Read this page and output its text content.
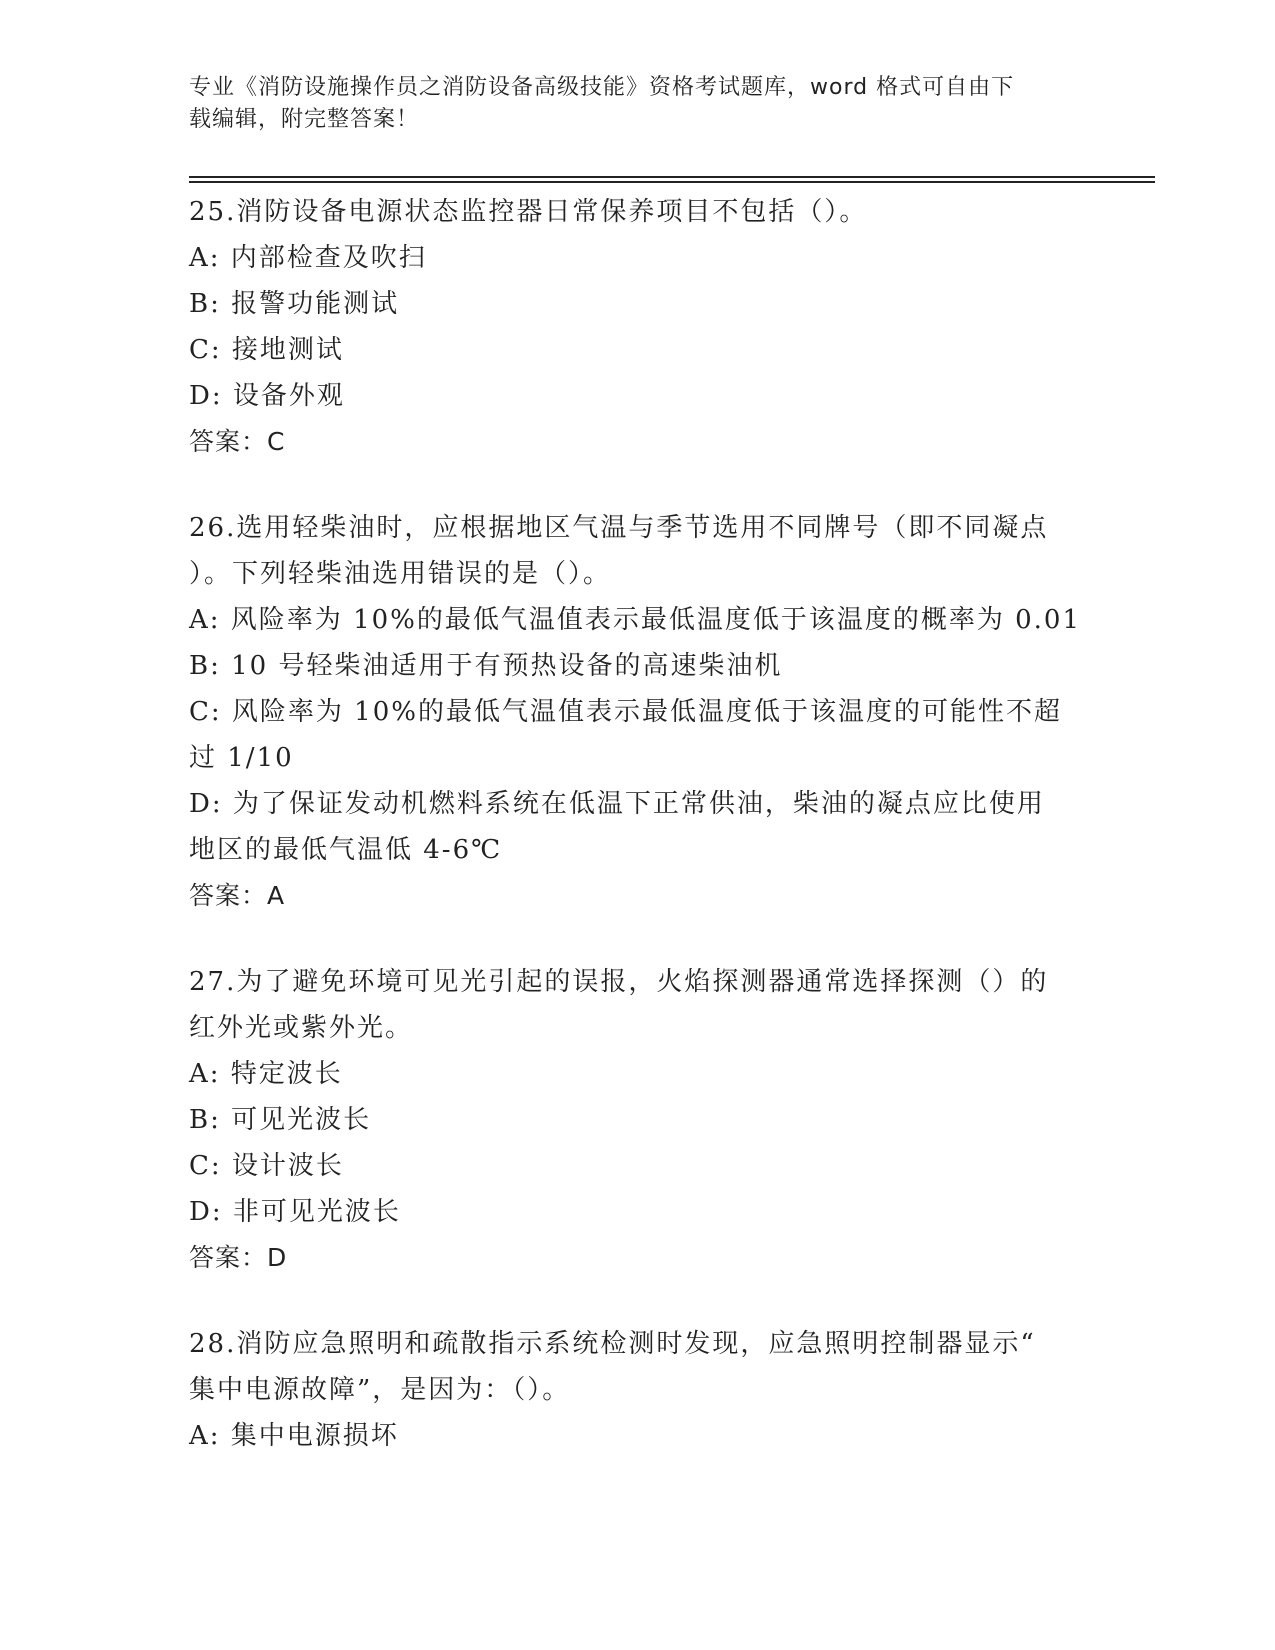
专业《消防设施操作员之消防设备高级技能》资格考试题库，word 格式可自由下
载编辑，附完整答案！
25.消防设备电源状态监控器日常保养项目不包括（）。
A: 内部检查及吹扫
B: 报警功能测试
C: 接地测试
D: 设备外观
答案：C
26.选用轻柴油时，应根据地区气温与季节选用不同牌号（即不同凝点
）。下列轻柴油选用错误的是（）。
A: 风险率为 10%的最低气温值表示最低温度低于该温度的概率为 0.01
B: 10 号轻柴油适用于有预热设备的高速柴油机
C: 风险率为 10%的最低气温值表示最低温度低于该温度的可能性不超
过 1/10
D: 为了保证发动机燃料系统在低温下正常供油，柴油的凝点应比使用
地区的最低气温低 4-6℃
答案：A
27.为了避免环境可见光引起的误报，火焰探测器通常选择探测（）的
红外光或紫外光。
A: 特定波长
B: 可见光波长
C: 设计波长
D: 非可见光波长
答案：D
28.消防应急照明和疏散指示系统检测时发现，应急照明控制器显示“
集中电源故障”，是因为：（）。
A: 集中电源损坏
